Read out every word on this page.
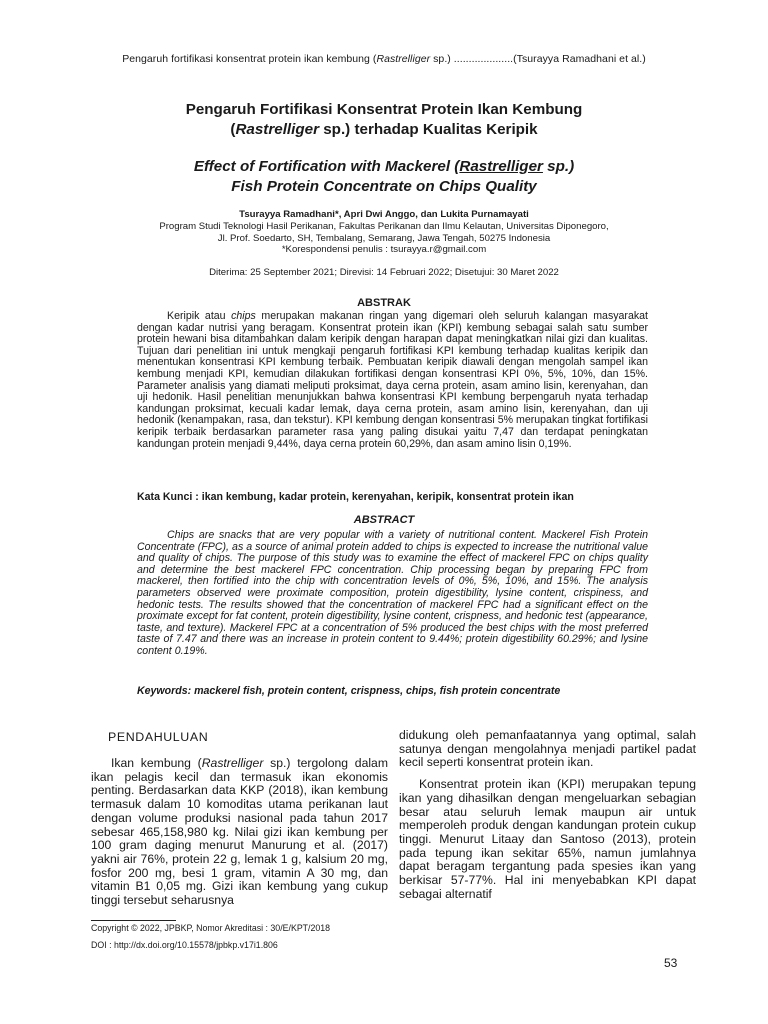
Pengaruh fortifikasi konsentrat protein ikan kembung (Rastrelliger sp.) ....................(Tsurayya Ramadhani et al.)
Pengaruh Fortifikasi Konsentrat Protein Ikan Kembung
(Rastrelliger sp.) terhadap Kualitas Keripik
Effect of Fortification with Mackerel (Rastrelliger sp.)
Fish Protein Concentrate on Chips Quality
Tsurayya Ramadhani*, Apri Dwi Anggo, dan Lukita Purnamayati
Program Studi Teknologi Hasil Perikanan, Fakultas Perikanan dan Ilmu Kelautan, Universitas Diponegoro,
Jl. Prof. Soedarto, SH, Tembalang, Semarang, Jawa Tengah, 50275 Indonesia
*Korespondensi penulis : tsurayya.r@gmail.com
Diterima: 25 September 2021; Direvisi: 14 Februari 2022; Disetujui: 30 Maret 2022
ABSTRAK

Keripik atau chips merupakan makanan ringan yang digemari oleh seluruh kalangan masyarakat dengan kadar nutrisi yang beragam. Konsentrat protein ikan (KPI) kembung sebagai salah satu sumber protein hewani bisa ditambahkan dalam keripik dengan harapan dapat meningkatkan nilai gizi dan kualitas. Tujuan dari penelitian ini untuk mengkaji pengaruh fortifikasi KPI kembung terhadap kualitas keripik dan menentukan konsentrasi KPI kembung terbaik. Pembuatan keripik diawali dengan mengolah sampel ikan kembung menjadi KPI, kemudian dilakukan fortifikasi dengan konsentrasi KPI 0%, 5%, 10%, dan 15%. Parameter analisis yang diamati meliputi proksimat, daya cerna protein, asam amino lisin, kerenyahan, dan uji hedonik. Hasil penelitian menunjukkan bahwa konsentrasi KPI kembung berpengaruh nyata terhadap kandungan proksimat, kecuali kadar lemak, daya cerna protein, asam amino lisin, kerenyahan, dan uji hedonik (kenampakan, rasa, dan tekstur). KPI kembung dengan konsentrasi 5% merupakan tingkat fortifikasi keripik terbaik berdasarkan parameter rasa yang paling disukai yaitu 7,47 dan terdapat peningkatan kandungan protein menjadi 9,44%, daya cerna protein 60,29%, dan asam amino lisin 0,19%.

Kata Kunci : ikan kembung, kadar protein, kerenyahan, keripik, konsentrat protein ikan
ABSTRACT

Chips are snacks that are very popular with a variety of nutritional content. Mackerel Fish Protein Concentrate (FPC), as a source of animal protein added to chips is expected to increase the nutritional value and quality of chips. The purpose of this study was to examine the effect of mackerel FPC on chips quality and determine the best mackerel FPC concentration. Chip processing began by preparing FPC from mackerel, then fortified into the chip with concentration levels of 0%, 5%, 10%, and 15%. The analysis parameters observed were proximate composition, protein digestibility, lysine content, crispiness, and hedonic tests. The results showed that the concentration of mackerel FPC had a significant effect on the proximate except for fat content, protein digestibility, lysine content, crispness, and hedonic test (appearance, taste, and texture). Mackerel FPC at a concentration of 5% produced the best chips with the most preferred taste of 7.47 and there was an increase in protein content to 9.44%; protein digestibility 60.29%; and lysine content 0.19%.

Keywords: mackerel fish, protein content, crispness, chips, fish protein concentrate
PENDAHULUAN

Ikan kembung (Rastrelliger sp.) tergolong dalam ikan pelagis kecil dan termasuk ikan ekonomis penting. Berdasarkan data KKP (2018), ikan kembung termasuk dalam 10 komoditas utama perikanan laut dengan volume produksi nasional pada tahun 2017 sebesar 465,158,980 kg. Nilai gizi ikan kembung per 100 gram daging menurut Manurung et al. (2017) yakni air 76%, protein 22 g, lemak 1 g, kalsium 20 mg, fosfor 200 mg, besi 1 gram, vitamin A 30 mg, dan vitamin B1 0,05 mg. Gizi ikan kembung yang cukup tinggi tersebut seharusnya

didukung oleh pemanfaatannya yang optimal, salah satunya dengan mengolahnya menjadi partikel padat kecil seperti konsentrat protein ikan.

Konsentrat protein ikan (KPI) merupakan tepung ikan yang dihasilkan dengan mengeluarkan sebagian besar atau seluruh lemak maupun air untuk memperoleh produk dengan kandungan protein cukup tinggi. Menurut Litaay dan Santoso (2013), protein pada tepung ikan sekitar 65%, namun jumlahnya dapat beragam tergantung pada spesies ikan yang berkisar 57-77%. Hal ini menyebabkan KPI dapat sebagai alternatif

Copyright © 2022, JPBKP, Nomor Akreditasi : 30/E/KPT/2018
DOI : http://dx.doi.org/10.15578/jpbkp.v17i1.806
53
